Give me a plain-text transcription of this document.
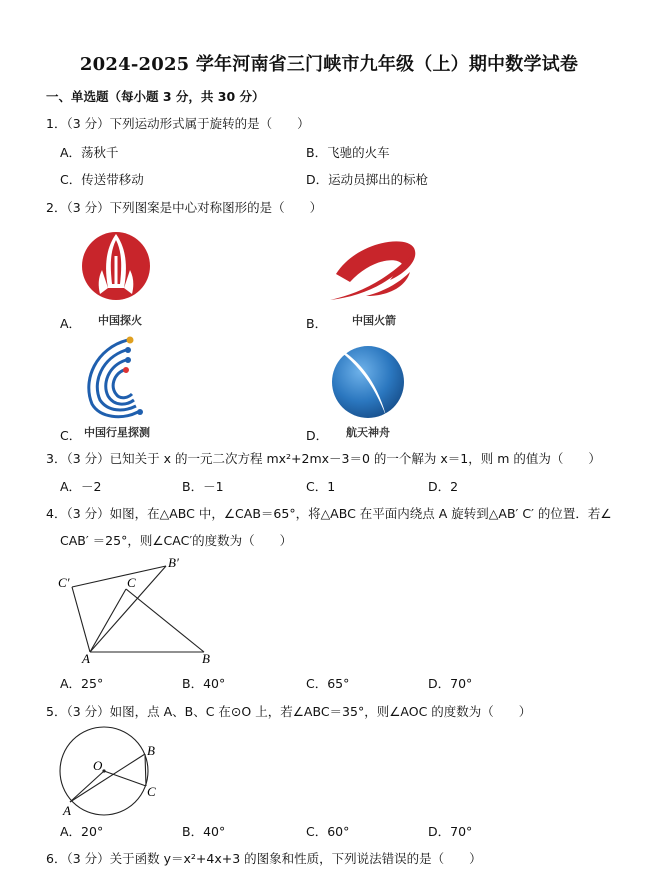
2024-2025 学年河南省三门峡市九年级（上）期中数学试卷
一、单选题（每小题 3 分，共 30 分）
1．（3 分）下列运动形式属于旋转的是（　　）
A．荡秋千	B．飞驰的火车
C．传送带移动	D．运动员掷出的标枪
2．（3 分）下列图案是中心对称图形的是（　　）
A． 中国探火	B． 中国火箭
C． 中国行星探测	D． 航天神舟
3．（3 分）已知关于 x 的一元二次方程 mx²+2mx－3＝0 的一个解为 x＝1，则 m 的值为（　　）
A．－2	B．－1	C．1	D．2
4．（3 分）如图，在△ABC 中，∠CAB＝65°，将△ABC 在平面内绕点 A 旋转到△AB′ C′ 的位置．若∠
CAB′ ＝25°，则∠CAC′的度数为（　　）
C′	C
B′
A	B
A．25°	B．40°	C．65°	D．70°
5．（3 分）如图，点 A、B、C 在⊙O 上，若∠ABC＝35°，则∠AOC 的度数为（　　）
O
A
B
C
A．20°	B．40°	C．60°	D．70°
6．（3 分）关于函数 y＝x²+4x+3 的图象和性质，下列说法错误的是（　　）
